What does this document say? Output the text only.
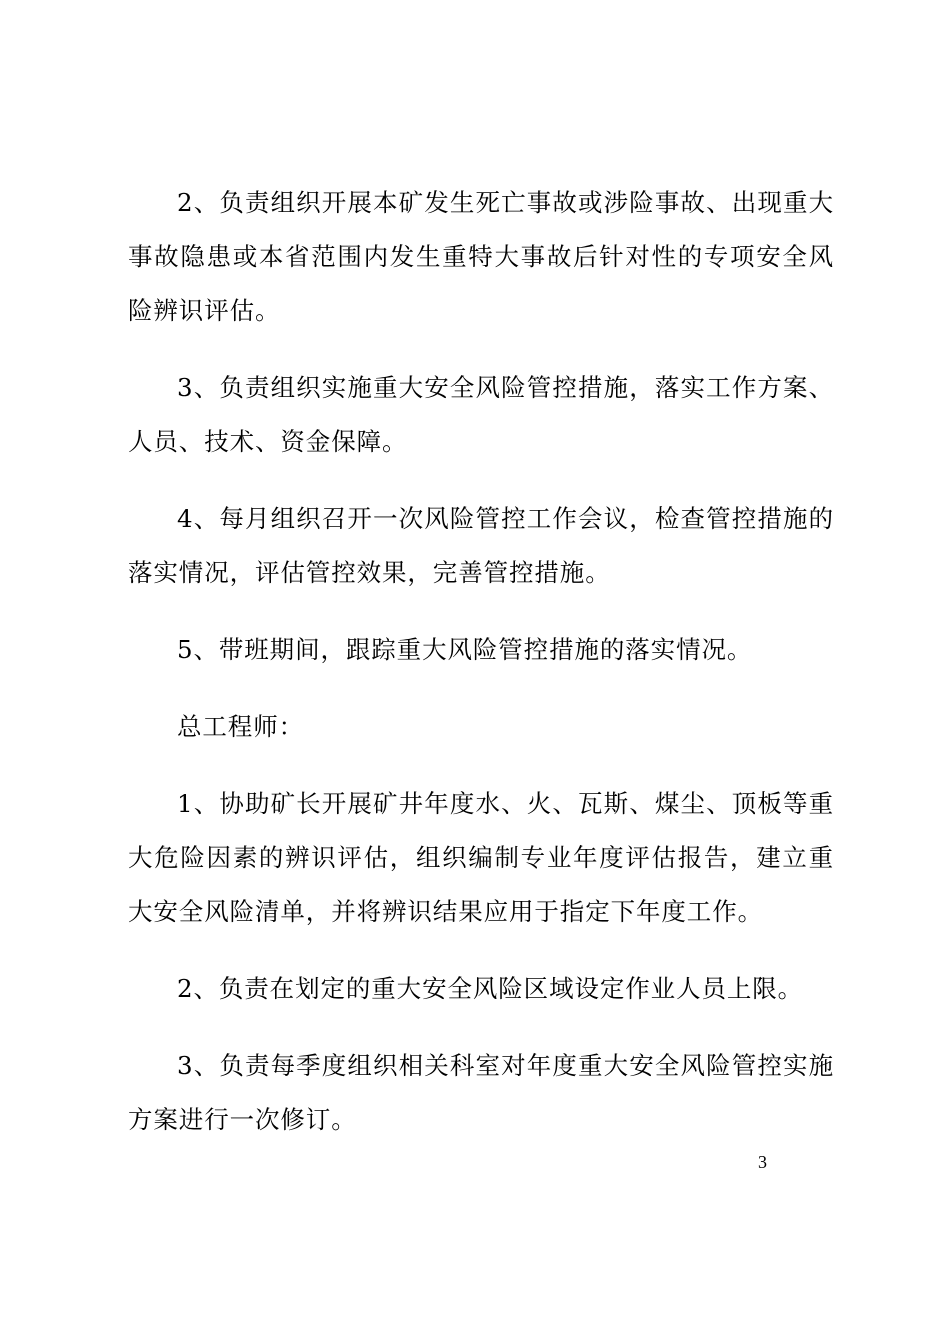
2、负责组织开展本矿发生死亡事故或涉险事故、出现重大事故隐患或本省范围内发生重特大事故后针对性的专项安全风险辨识评估。

3、负责组织实施重大安全风险管控措施，落实工作方案、人员、技术、资金保障。

4、每月组织召开一次风险管控工作会议，检查管控措施的落实情况，评估管控效果，完善管控措施。

5、带班期间，跟踪重大风险管控措施的落实情况。

总工程师：

1、协助矿长开展矿井年度水、火、瓦斯、煤尘、顶板等重大危险因素的辨识评估，组织编制专业年度评估报告，建立重大安全风险清单，并将辨识结果应用于指定下年度工作。

2、负责在划定的重大安全风险区域设定作业人员上限。

3、负责每季度组织相关科室对年度重大安全风险管控实施方案进行一次修订。

3
